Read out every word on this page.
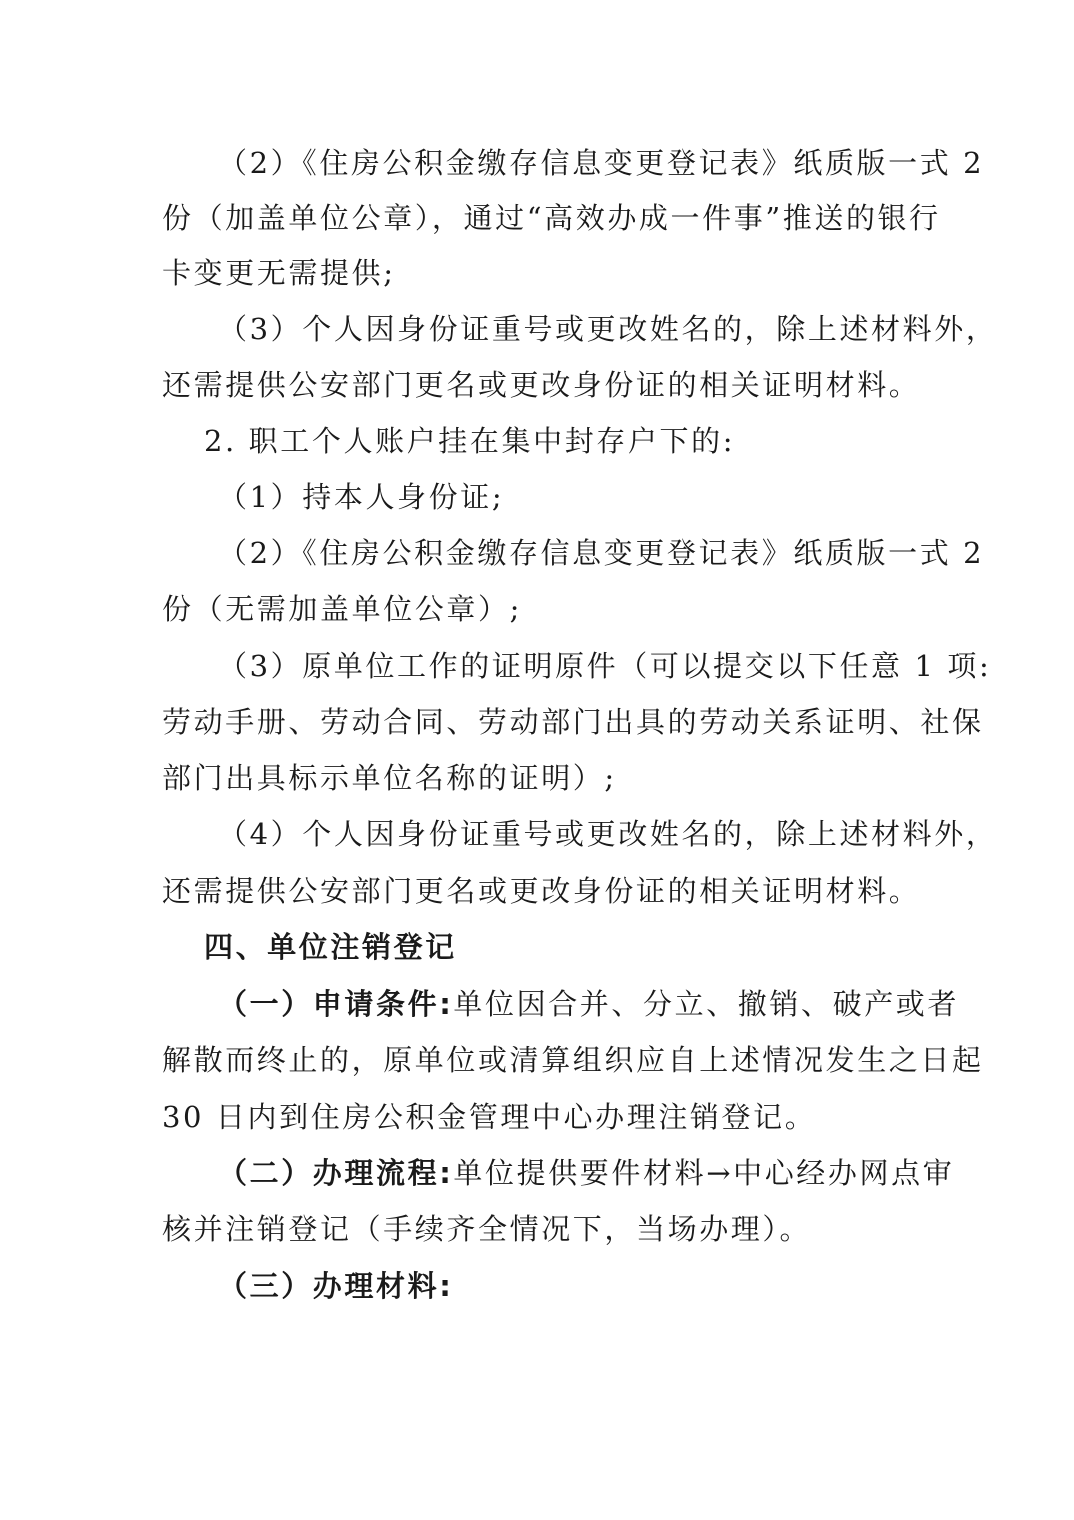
（2）《住房公积金缴存信息变更登记表》纸质版一式 2
份（加盖单位公章），通过“高效办成一件事”推送的银行
卡变更无需提供;
（3）个人因身份证重号或更改姓名的，除上述材料外，
还需提供公安部门更名或更改身份证的相关证明材料。
2. 职工个人账户挂在集中封存户下的:
（1）持本人身份证;
（2）《住房公积金缴存信息变更登记表》纸质版一式 2
份（无需加盖单位公章）;
（3）原单位工作的证明原件（可以提交以下任意 1 项:
劳动手册、劳动合同、劳动部门出具的劳动关系证明、社保
部门出具标示单位名称的证明）;
（4）个人因身份证重号或更改姓名的，除上述材料外，
还需提供公安部门更名或更改身份证的相关证明材料。
四、单位注销登记
（一）申请条件:单位因合并、分立、撤销、破产或者
解散而终止的，原单位或清算组织应自上述情况发生之日起
30 日内到住房公积金管理中心办理注销登记。
（二）办理流程:单位提供要件材料→中心经办网点审
核并注销登记（手续齐全情况下，当场办理）。
（三）办理材料:
